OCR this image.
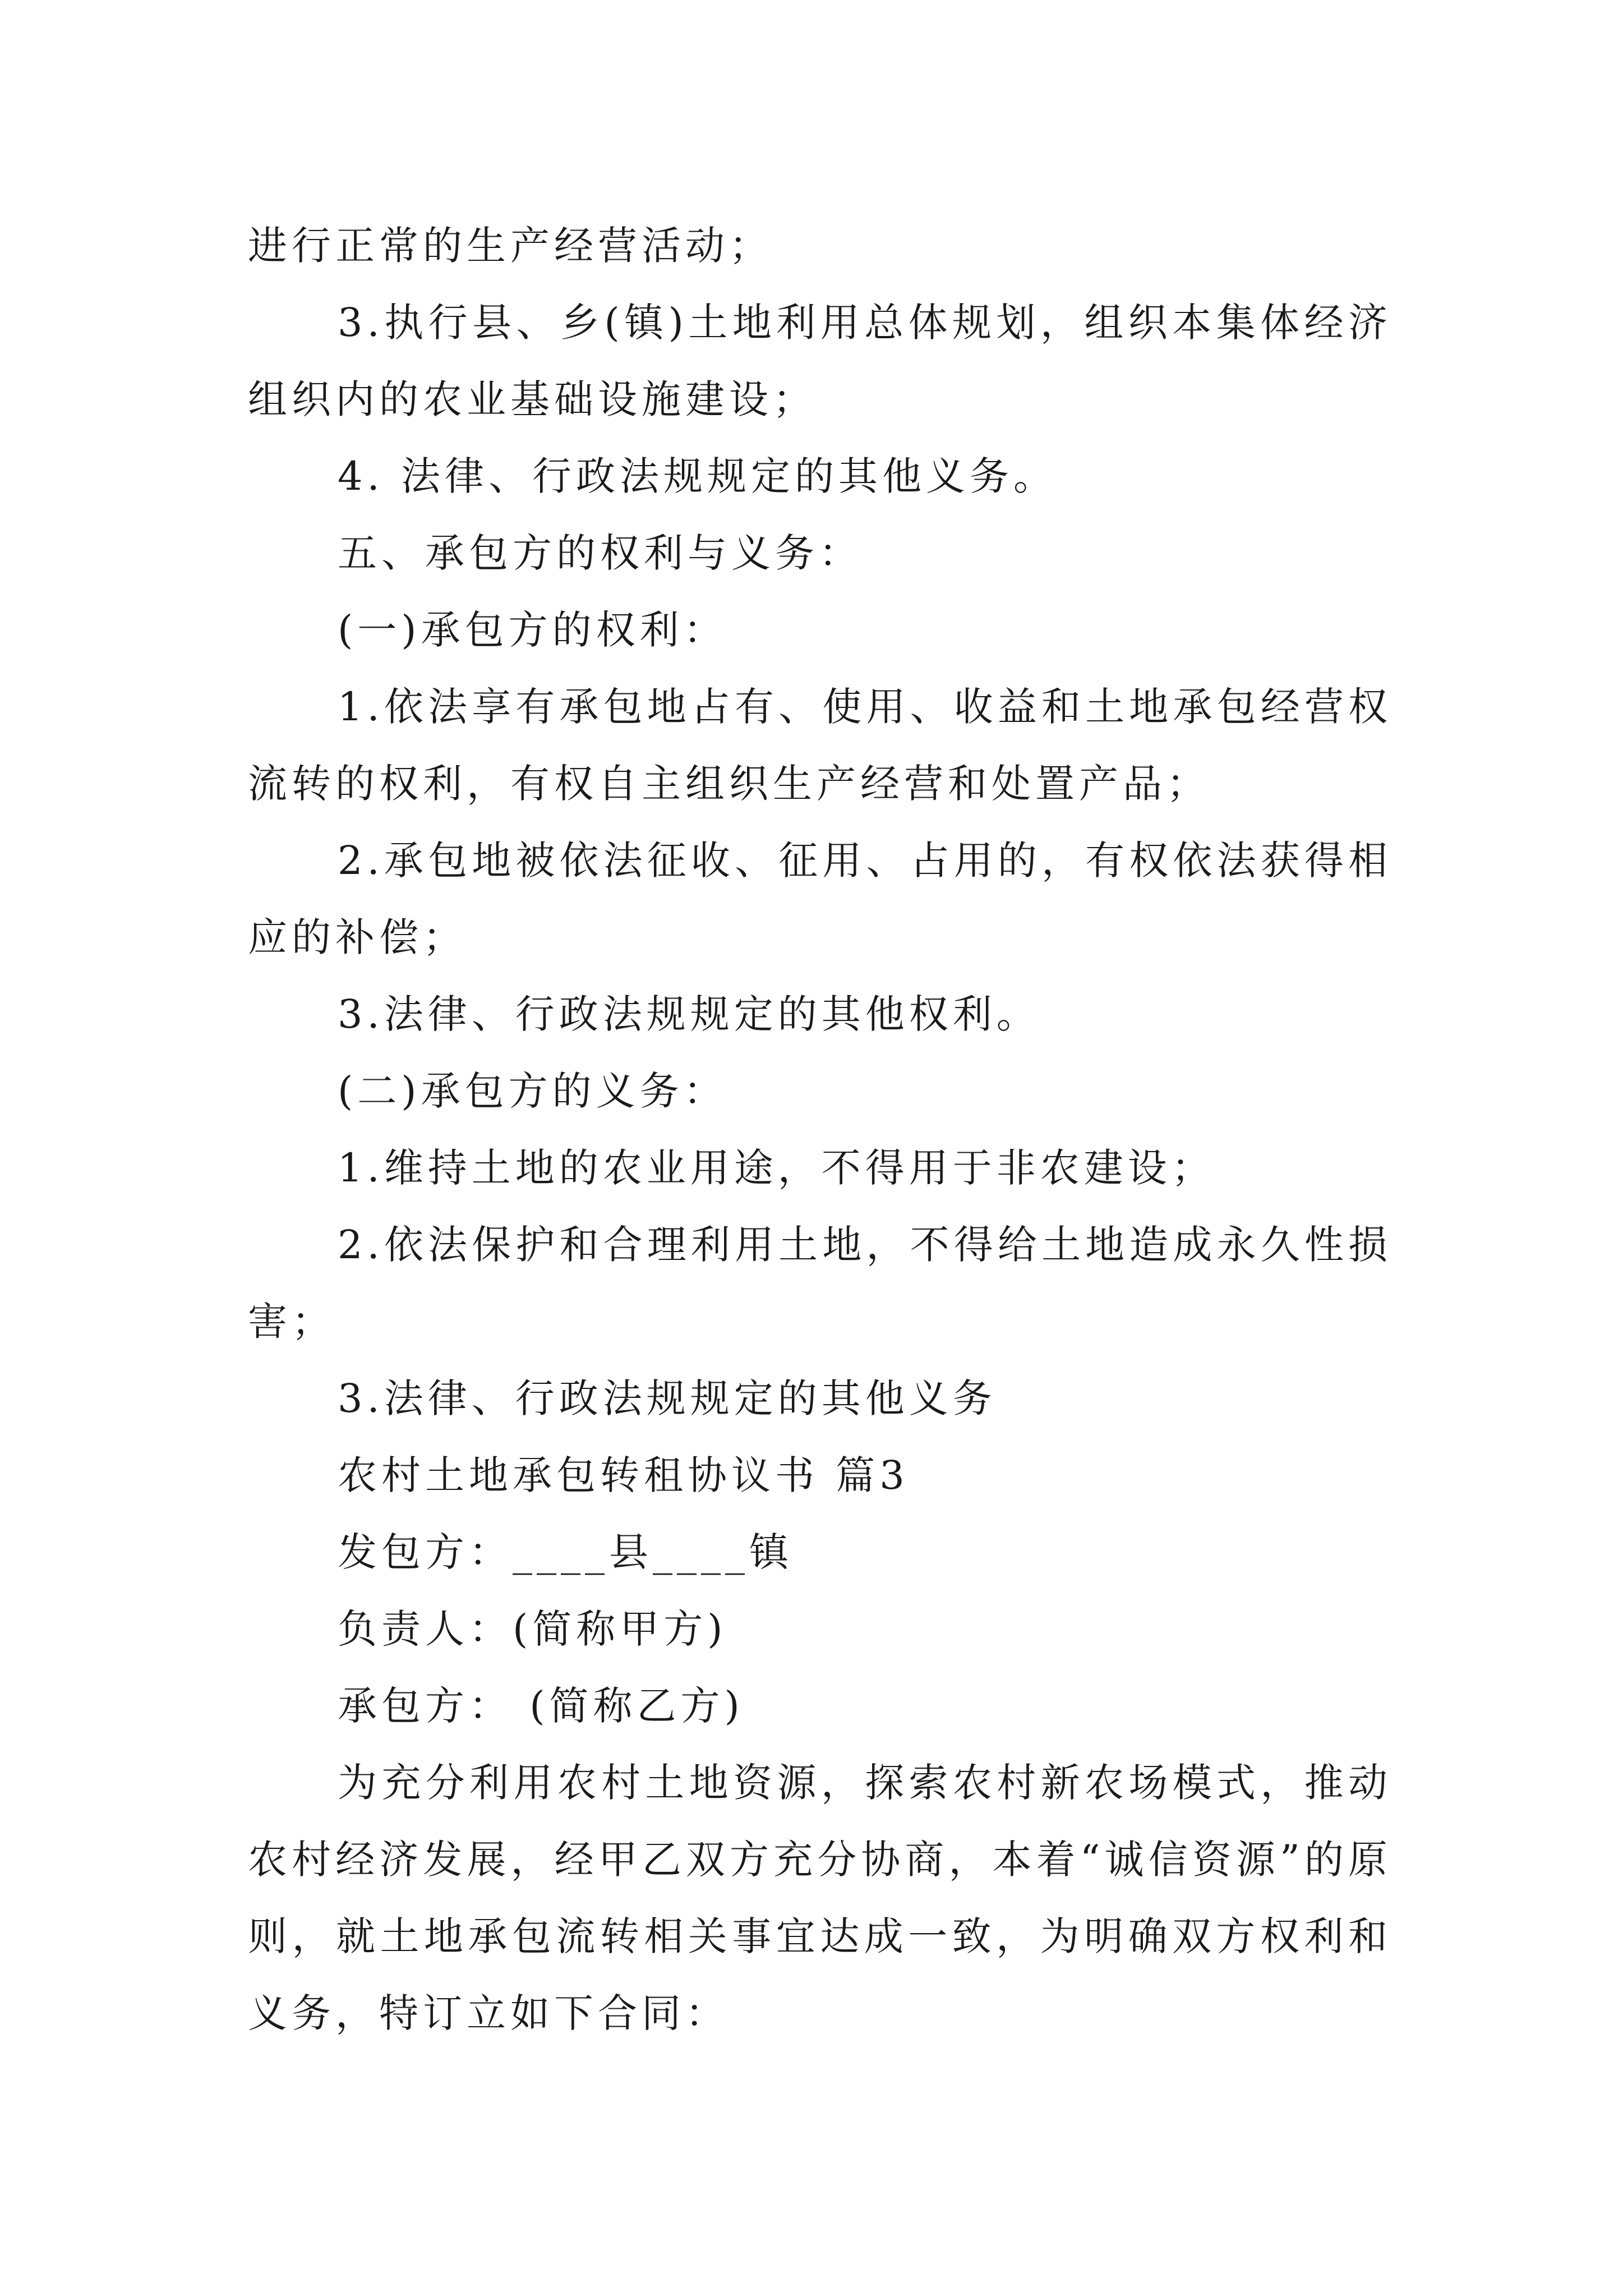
进行正常的生产经营活动；

3.执行县、乡(镇)土地利用总体规划，组织本集体经济组织内的农业基础设施建设；

4. 法律、行政法规规定的其他义务。

五、承包方的权利与义务：

(一)承包方的权利：

1.依法享有承包地占有、使用、收益和土地承包经营权流转的权利，有权自主组织生产经营和处置产品；

2.承包地被依法征收、征用、占用的，有权依法获得相应的补偿；

3.法律、行政法规规定的其他权利。

(二)承包方的义务：

1.维持土地的农业用途，不得用于非农建设；

2.依法保护和合理利用土地，不得给土地造成永久性损害；

3.法律、行政法规规定的其他义务

农村土地承包转租协议书 篇3

发包方：____县____镇

负责人：(简称甲方)

承包方： (简称乙方)

为充分利用农村土地资源，探索农村新农场模式，推动农村经济发展，经甲乙双方充分协商，本着“诚信资源”的原则，就土地承包流转相关事宜达成一致，为明确双方权利和义务，特订立如下合同：
